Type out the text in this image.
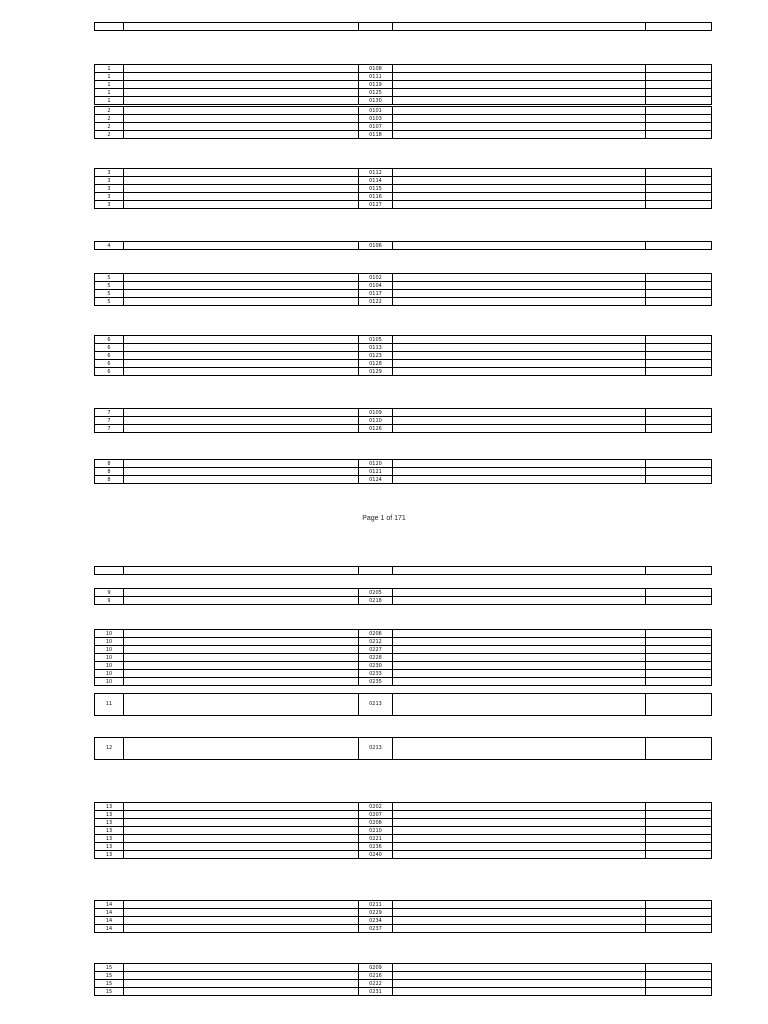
Page 1 of 171
1		0108		
1		0111		
1		0119		
1		0125		
1		0130		
2		0101		
2		0103		
2		0107		
2		0118		
3		0112		
3		0114		
3		0115		
3		0116		
3		0127		
4		0106		
5		0102		
5		0104		
5		0117		
5		0122		
6		0105		
6		0113		
6		0123		
6		0128		
6		0129		
7		0109		
7		0110		
7		0126		
8		0120		
8		0121		
8		0124		

9		0205		
9		0218		
10		0206		
10		0212		
10		0227		
10		0228		
10		0230		
10		0233		
10		0235		
11		0213		
12		0213		
13		0202		
13		0207		
13		0208		
13		0210		
13		0221		
13		0236		
13		0240		
14		0211		
14		0229		
14		0234		
14		0237		
15		0209		
15		0216		
15		0222		
15		0231		
